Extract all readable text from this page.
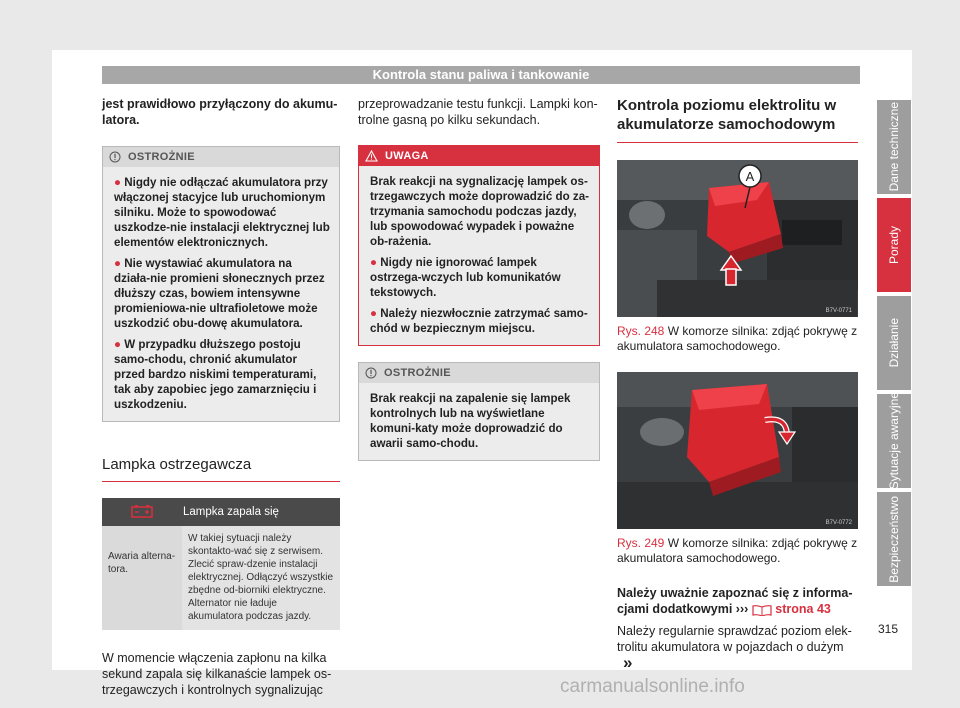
Kontrola stanu paliwa i tankowanie

jest prawidłowo przyłączony do akumu-latora.

OSTROŻNIE

● Nigdy nie odłączać akumulatora przy włączonej stacyjce lub uruchomionym silniku. Może to spowodować uszkodze-nie instalacji elektrycznej lub elementów elektronicznych.

● Nie wystawiać akumulatora na działa-nie promieni słonecznych przez dłuższy czas, bowiem intensywne promieniowa-nie ultrafioletowe może uszkodzić obu-dowę akumulatora.

● W przypadku dłuższego postoju samo-chodu, chronić akumulator przed bardzo niskimi temperaturami, tak aby zapobiec jego zamarznięciu i uszkodzeniu.

Lampka ostrzegawcza
	Lampka zapala się
Awaria alterna-tora.	W takiej sytuacji należy skontakto-wać się z serwisem. Zlecić spraw-dzenie instalacji elektrycznej. Odłączyć wszystkie zbędne od-biorniki elektryczne. Alternator nie ładuje akumulatora podczas jazdy.

W momencie włączenia zapłonu na kilka sekund zapala się kilkanaście lampek os-trzegawczych i kontrolnych sygnalizując

przeprowadzanie testu funkcji. Lampki kon-trolne gasną po kilku sekundach.

UWAGA

Brak reakcji na sygnalizację lampek os-trzegawczych może doprowadzić do za-trzymania samochodu podczas jazdy, lub spowodować wypadek i poważne ob-rażenia.

● Nigdy nie ignorować lampek ostrzega-wczych lub komunikatów tekstowych.

● Należy niezwłocznie zatrzymać samo-chód w bezpiecznym miejscu.

OSTROŻNIE

Brak reakcji na zapalenie się lampek kontrolnych lub na wyświetlane komuni-katy może doprowadzić do awarii samo-chodu.

Kontrola poziomu elektrolitu w akumulatorze samochodowym
A
B7V-0771
Rys. 248 W komorze silnika: zdjąć pokrywę z akumulatora samochodowego.
B7V-0772
Rys. 249 W komorze silnika: zdjąć pokrywę z akumulatora samochodowego.

Należy uważnie zapoznać się z informa-cjami dodatkowymi ››› strona 43

Należy regularnie sprawdzać poziom elek-trolitu akumulatora w pojazdach o dużym »

Dane techniczne
Porady
Działanie
Sytuacje awaryjne
Bezpieczeństwo
315
carmanualsonline.info
